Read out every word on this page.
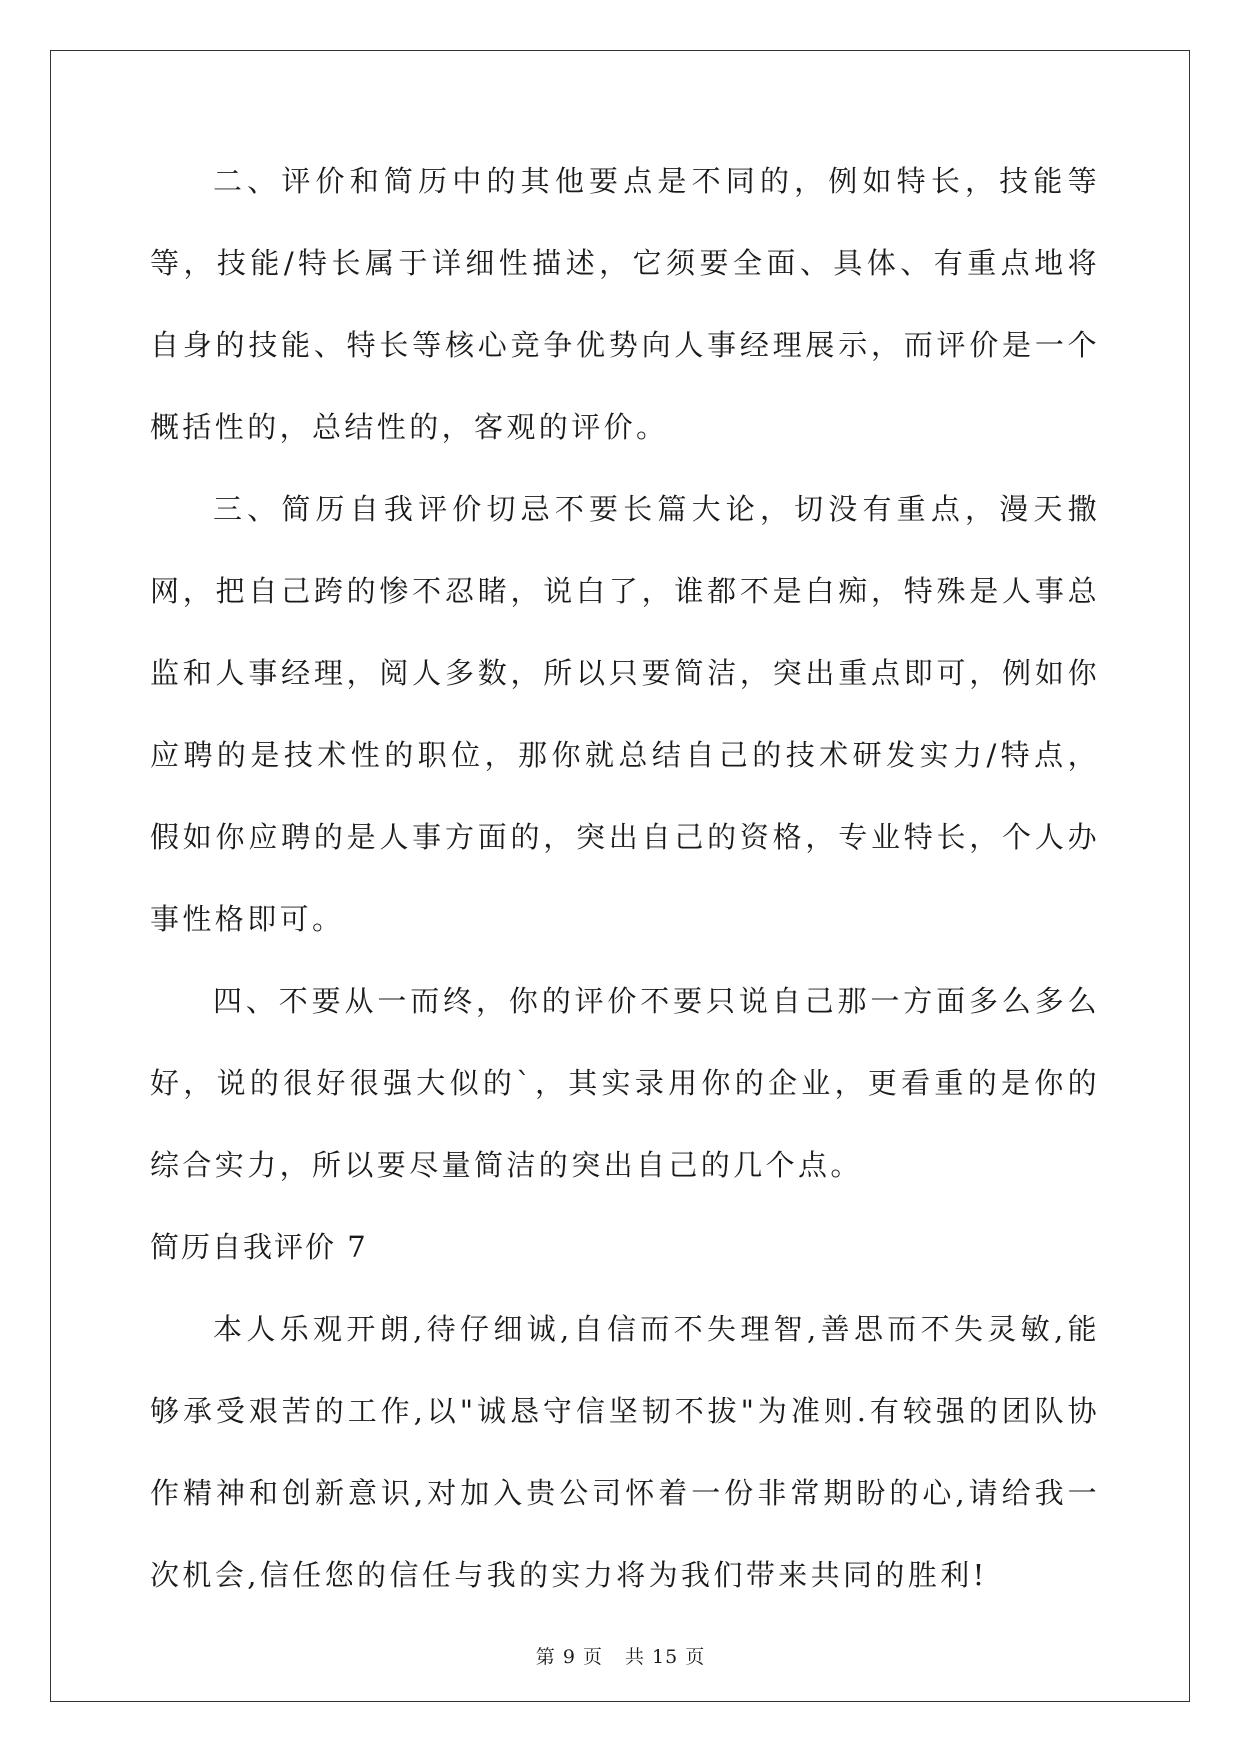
二、评价和简历中的其他要点是不同的，例如特长，技能等等，技能/特长属于详细性描述，它须要全面、具体、有重点地将自身的技能、特长等核心竞争优势向人事经理展示，而评价是一个概括性的，总结性的，客观的评价。

三、简历自我评价切忌不要长篇大论，切没有重点，漫天撒网，把自己跨的惨不忍睹，说白了，谁都不是白痴，特殊是人事总监和人事经理，阅人多数，所以只要简洁，突出重点即可，例如你应聘的是技术性的职位，那你就总结自己的技术研发实力/特点，假如你应聘的是人事方面的，突出自己的资格，专业特长，个人办事性格即可。

四、不要从一而终，你的评价不要只说自己那一方面多么多么好，说的很好很强大似的`，其实录用你的企业，更看重的是你的综合实力，所以要尽量简洁的突出自己的几个点。

简历自我评价 7

本人乐观开朗,待仔细诚,自信而不失理智,善思而不失灵敏,能够承受艰苦的工作,以"诚恳守信坚韧不拔"为准则.有较强的团队协作精神和创新意识,对加入贵公司怀着一份非常期盼的心,请给我一次机会,信任您的信任与我的实力将为我们带来共同的胜利!

第 9 页 共 15 页
